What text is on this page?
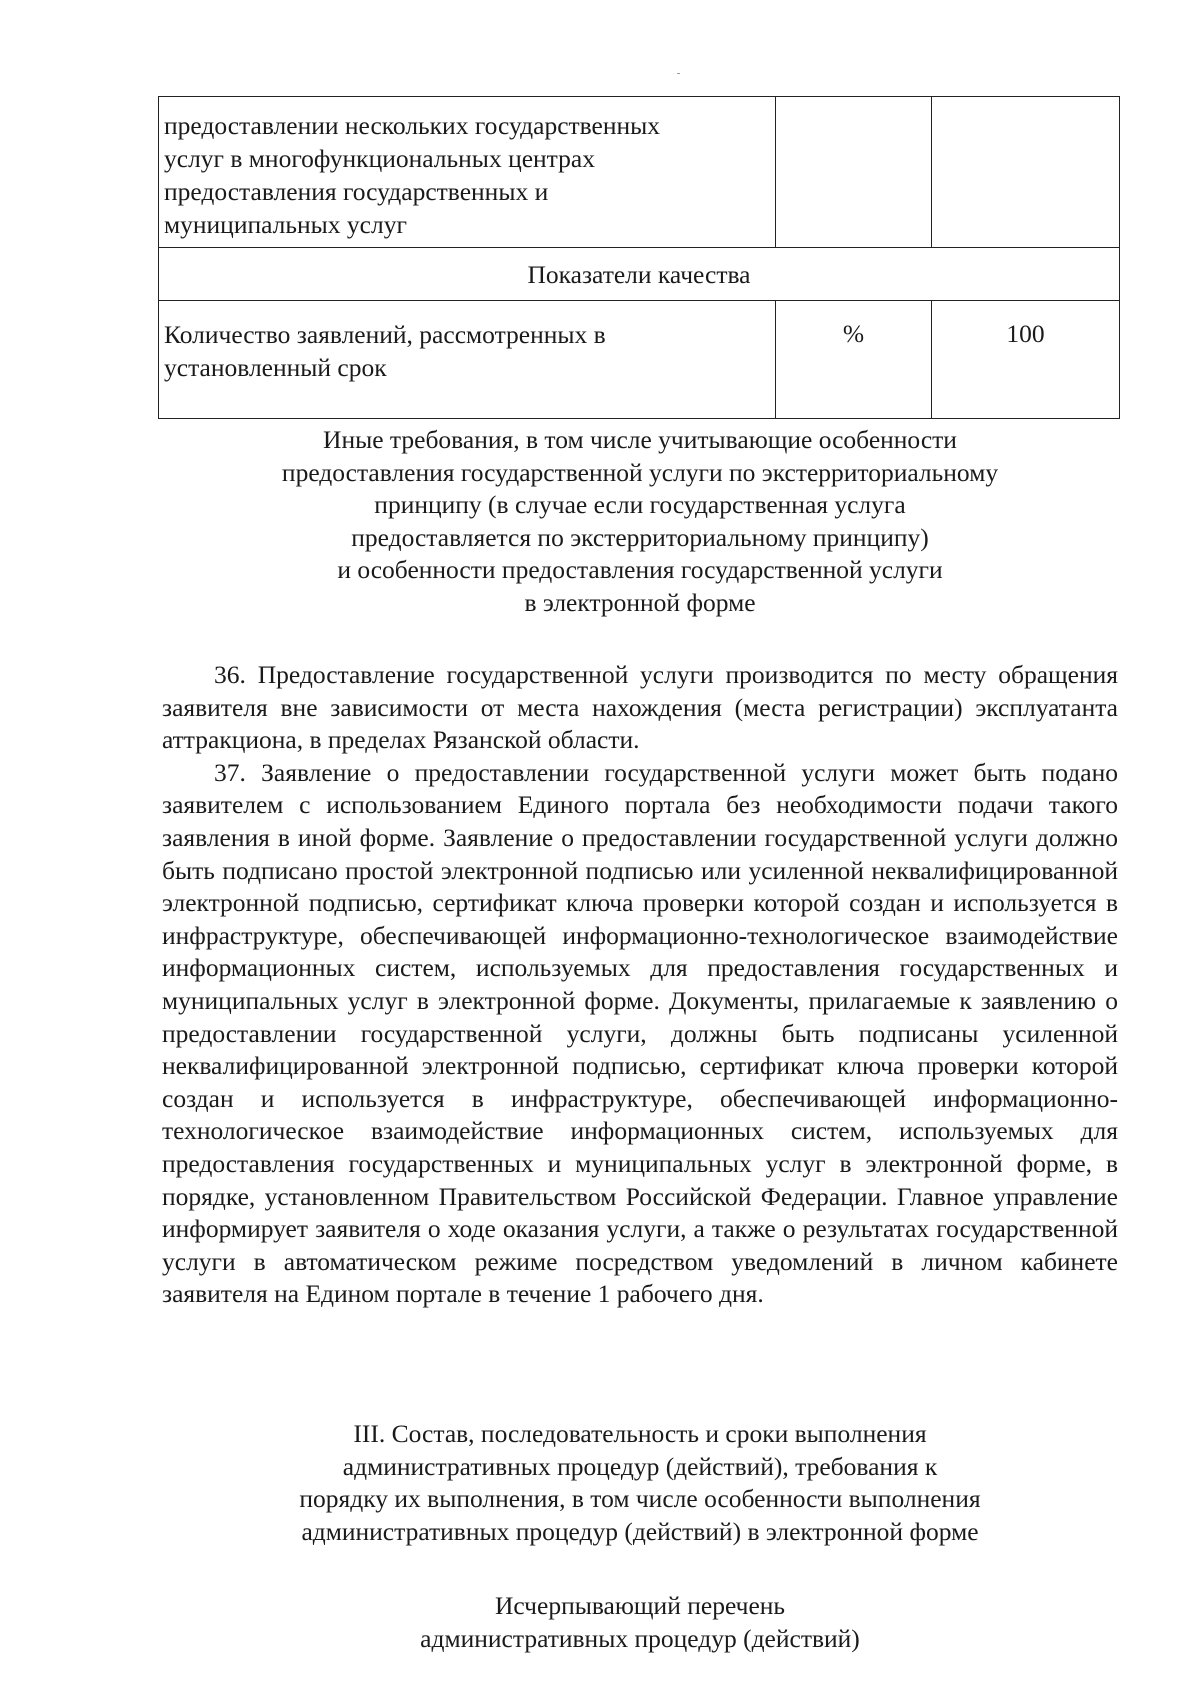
предоставлении нескольких государственных
услуг в многофункциональных центрах
предоставления государственных и
муниципальных услуг		
Показатели качества		
Количество заявлений, рассмотренных в
установленный срок	%	100
Иные требования, в том числе учитывающие особенности
предоставления государственной услуги по экстерриториальному
принципу (в случае если государственная услуга
предоставляется по экстерриториальному принципу)
и особенности предоставления государственной услуги
в электронной форме

36. Предоставление государственной услуги производится по месту обращения заявителя вне зависимости от места нахождения (места регистрации) эксплуатанта аттракциона, в пределах Рязанской области.

37. Заявление о предоставлении государственной услуги может быть подано заявителем с использованием Единого портала без необходимости подачи такого заявления в иной форме. Заявление о предоставлении государственной услуги должно быть подписано простой электронной подписью или усиленной неквалифицированной электронной подписью, сертификат ключа проверки которой создан и используется в инфраструктуре, обеспечивающей информационно-технологическое взаимодействие информационных систем, используемых для предоставления государственных и муниципальных услуг в электронной форме. Документы, прилагаемые к заявлению о предоставлении государственной услуги, должны быть подписаны усиленной неквалифицированной электронной подписью, сертификат ключа проверки которой создан и используется в инфраструктуре, обеспечивающей информационно-технологическое взаимодействие информационных систем, используемых для предоставления государственных и муниципальных услуг в электронной форме, в порядке, установленном Правительством Российской Федерации. Главное управление информирует заявителя о ходе оказания услуги, а также о результатах государственной услуги в автоматическом режиме посредством уведомлений в личном кабинете заявителя на Едином портале в течение 1 рабочего дня.

III. Состав, последовательность и сроки выполнения
административных процедур (действий), требования к
порядку их выполнения, в том числе особенности выполнения
административных процедур (действий) в электронной форме
Исчерпывающий перечень
административных процедур (действий)
